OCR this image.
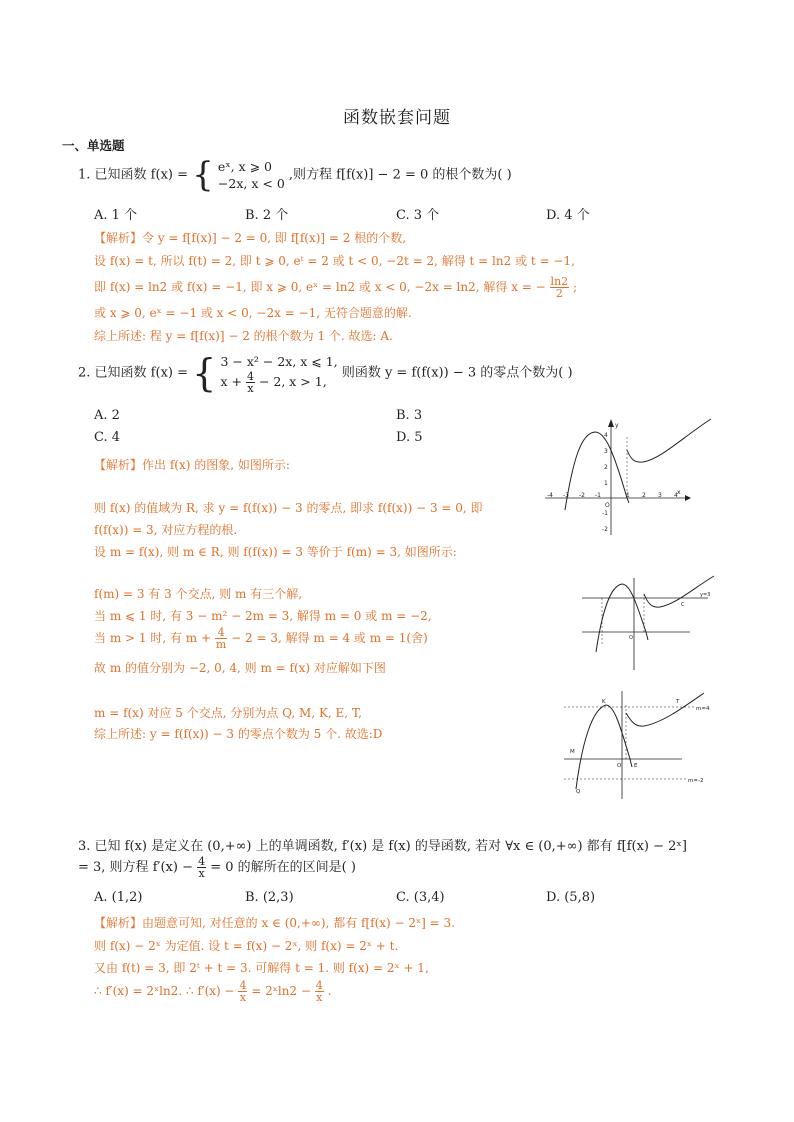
函数嵌套问题
一、单选题
1. 已知函数 f(x) = { eˣ, x ⩾ 0
−2x, x < 0
,则方程 f[f(x)] − 2 = 0 的根个数为( )
A. 1 个	B. 2 个	C. 3 个	D. 4 个
【解析】令 y = f[f(x)] − 2 = 0, 即 f[f(x)] = 2 根的个数,
设 f(x) = t, 所以 f(t) = 2, 即 t ⩾ 0, eᵗ = 2 或 t < 0, −2t = 2, 解得 t = ln2 或 t = −1,
即 f(x) = ln2 或 f(x) = −1, 即 x ⩾ 0, eˣ = ln2 或 x < 0, −2x = ln2, 解得 x = − $\frac{\ln 2}{2}$ ;
或 x ⩾ 0, eˣ = −1 或 x < 0, −2x = −1, 无符合题意的解.
综上所述: 程 y = f[f(x)] − 2 的根个数为 1 个. 故选: A.
2. 已知函数 f(x) = { 3 − x² − 2x, x ⩽ 1,
$x + \frac{4}{x} - 2$, x > 1,
则函数 y = f(f(x)) − 3 的零点个数为( )
A. 2	B. 3
C. 4	D. 5
【解析】作出 f(x) 的图象, 如图所示:
则 f(x) 的值域为 R, 求 y = f(f(x)) − 3 的零点, 即求 f(f(x)) − 3 = 0, 即
f(f(x)) = 3, 对应方程的根.
设 m = f(x), 则 m ∈ R, 则 f(f(x)) = 3 等价于 f(m) = 3, 如图所示:
f(m) = 3 有 3 个交点, 则 m 有三个解,
当 m ⩽ 1 时, 有 3 − m² − 2m = 3, 解得 m = 0 或 m = −2,
当 m > 1 时, 有 $m + \frac{4}{m} - 2 = 3$, 解得 m = 4 或 m = 1(舍)
故 m 的值分别为 −2, 0, 4, 则 m = f(x) 对应解如下图
m = f(x) 对应 5 个交点, 分别为点 Q, M, K, E, T,
综上所述: y = f(f(x)) − 3 的零点个数为 5 个. 故选:D
x
y
O
-4 -3 -2 -1	1 2 3 4
4
3
2
1
-1
-2
y=3
C
O
m=4
m=-2
Q
M
K
E
T
O
3. 已知 f(x) 是定义在 (0,+∞) 上的单调函数, f′(x) 是 f(x) 的导函数, 若对 ∀x ∈ (0,+∞) 都有 f[f(x) − 2ˣ]
= 3, 则方程 $f'(x) - \frac{4}{x} = 0$ 的解所在的区间是( )
A. (1,2)	B. (2,3)	C. (3,4)	D. (5,8)
【解析】由题意可知, 对任意的 x ∈ (0,+∞), 都有 f[f(x) − 2ˣ] = 3.
则 f(x) − 2ˣ 为定值. 设 t = f(x) − 2ˣ, 则 f(x) = 2ˣ + t.
又由 f(t) = 3, 即 2ᵗ + t = 3. 可解得 t = 1. 则 f(x) = 2ˣ + 1,
∴ f′(x) = 2ˣln2. ∴ $f'(x) - \frac{4}{x}$ = 2ˣln2 − $\frac{4}{x}$ .
